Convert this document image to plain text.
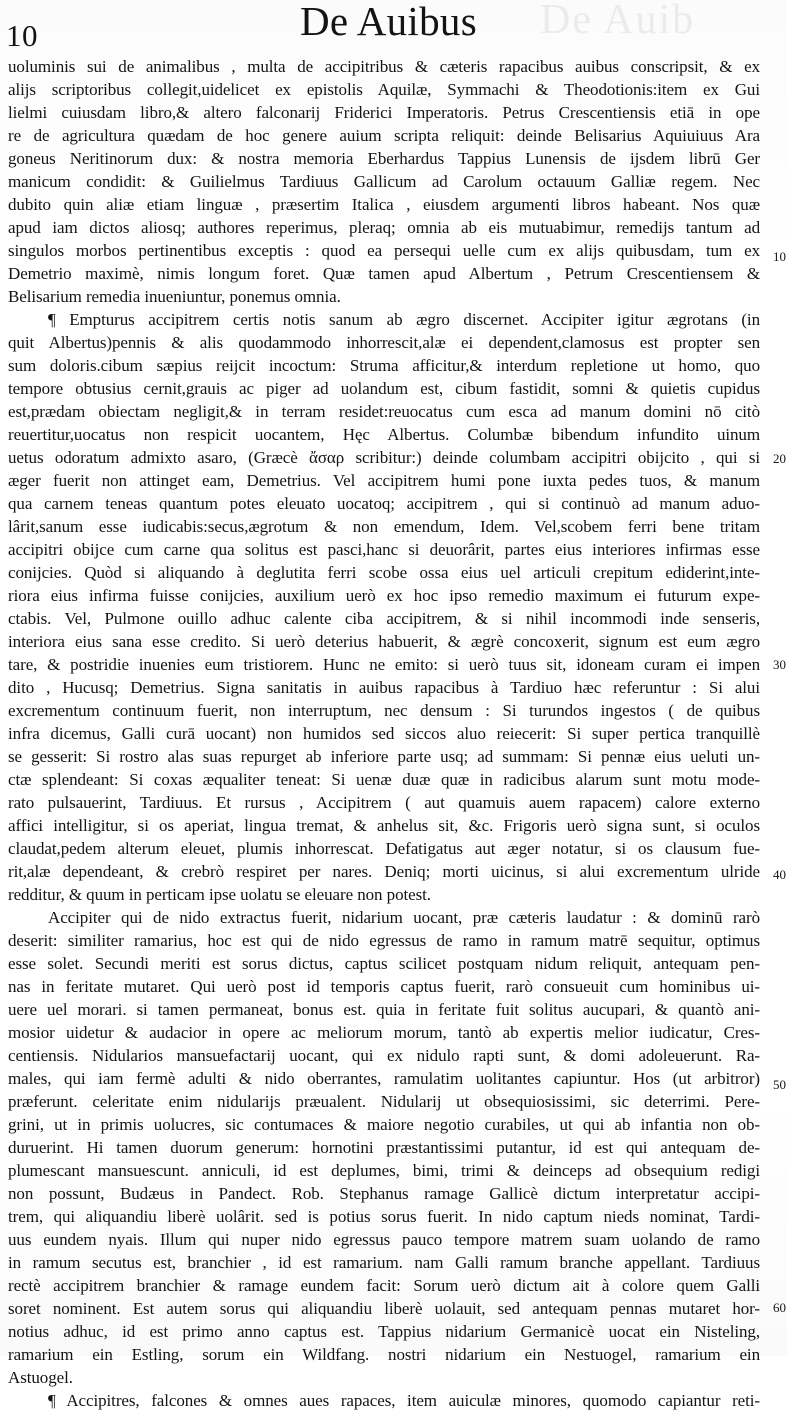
De Auib
10	De Auibus
uoluminis sui de animalibus , multa de accipitribus & cæteris rapacibus auibus conscripsit, & ex
alijs scriptoribus collegit,uidelicet ex epistolis Aquilæ, Symmachi & Theodotionis:item ex Gui
lielmi cuiusdam libro,& altero falconarij Friderici Imperatoris. Petrus Crescentiensis etiā in ope
re de agricultura quædam de hoc genere auium scripta reliquit: deinde Belisarius Aquiuiuus Ara
goneus Neritinorum dux: & nostra memoria Eberhardus Tappius Lunensis de ijsdem librū Ger
manicum condidit: & Guilielmus Tardiuus Gallicum ad Carolum octauum Galliæ regem. Nec
dubito quin aliæ etiam linguæ , præsertim Italica , eiusdem argumenti libros habeant. Nos quæ
apud iam dictos aliosq; authores reperimus, pleraq; omnia ab eis mutuabimur, remedijs tantum ad
singulos morbos pertinentibus exceptis : quod ea persequi uelle cum ex alijs quibusdam, tum ex
Demetrio maximè, nimis longum foret. Quæ tamen apud Albertum , Petrum Crescentiensem &
Belisarium remedia inueniuntur, ponemus omnia.
¶ Empturus accipitrem certis notis sanum ab ægro discernet. Accipiter igitur ægrotans (in
quit Albertus)pennis & alis quodammodo inhorrescit,alæ ei dependent,clamosus est propter sen
sum doloris.cibum sæpius reijcit incoctum: Struma afficitur,& interdum repletione ut homo, quo
tempore obtusius cernit,grauis ac piger ad uolandum est, cibum fastidit, somni & quietis cupidus
est,prædam obiectam negligit,& in terram residet:reuocatus cum esca ad manum domini nō citò
reuertitur,uocatus non respicit uocantem, Hęc Albertus. Columbæ bibendum infundito uinum
uetus odoratum admixto asaro, (Græcè ἄσαρ scribitur:) deinde columbam accipitri obijcito , qui si
æger fuerit non attinget eam, Demetrius. Vel accipitrem humi pone iuxta pedes tuos, & manum
qua carnem teneas quantum potes eleuato uocatoq; accipitrem , qui si continuò ad manum aduo-
lârit,sanum esse iudicabis:secus,ægrotum & non emendum, Idem. Vel,scobem ferri bene tritam
accipitri obijce cum carne qua solitus est pasci,hanc si deuorârit, partes eius interiores infirmas esse
conijcies. Quòd si aliquando à deglutita ferri scobe ossa eius uel articuli crepitum ediderint,inte-
riora eius infirma fuisse conijcies, auxilium uerò ex hoc ipso remedio maximum ei futurum expe-
ctabis. Vel, Pulmone ouillo adhuc calente ciba accipitrem, & si nihil incommodi inde senseris,
interiora eius sana esse credito. Si uerò deterius habuerit, & ægrè concoxerit, signum est eum ægro
tare, & postridie inuenies eum tristiorem. Hunc ne emito: si uerò tuus sit, idoneam curam ei impen
dito , Hucusq; Demetrius. Signa sanitatis in auibus rapacibus à Tardiuo hæc referuntur : Si alui
excrementum continuum fuerit, non interruptum, nec densum : Si turundos ingestos ( de quibus
infra dicemus, Galli curā uocant) non humidos sed siccos aluo reiecerit: Si super pertica tranquillè
se gesserit: Si rostro alas suas repurget ab inferiore parte usq; ad summam: Si pennæ eius ueluti un-
ctæ splendeant: Si coxas æqualiter teneat: Si uenæ duæ quæ in radicibus alarum sunt motu mode-
rato pulsauerint, Tardiuus. Et rursus , Accipitrem ( aut quamuis auem rapacem) calore externo
affici intelligitur, si os aperiat, lingua tremat, & anhelus sit, &c. Frigoris uerò signa sunt, si oculos
claudat,pedem alterum eleuet, plumis inhorrescat. Defatigatus aut æger notatur, si os clausum fue-
rit,alæ dependeant, & crebrò respiret per nares. Deniq; morti uicinus, si alui excrementum ulride
redditur, & quum in perticam ipse uolatu se eleuare non potest.
Accipiter qui de nido extractus fuerit, nidarium uocant, præ cæteris laudatur : & dominū rarò
deserit: similiter ramarius, hoc est qui de nido egressus de ramo in ramum matrē sequitur, optimus
esse solet. Secundi meriti est sorus dictus, captus scilicet postquam nidum reliquit, antequam pen-
nas in feritate mutaret. Qui uerò post id temporis captus fuerit, rarò consueuit cum hominibus ui-
uere uel morari. si tamen permaneat, bonus est. quia in feritate fuit solitus aucupari, & quantò ani-
mosior uidetur & audacior in opere ac meliorum morum, tantò ab expertis melior iudicatur, Cres-
centiensis. Nidularios mansuefactarij uocant, qui ex nidulo rapti sunt, & domi adoleuerunt. Ra-
males, qui iam fermè adulti & nido oberrantes, ramulatim uolitantes capiuntur. Hos (ut arbitror)
præferunt. celeritate enim nidularijs præualent. Nidularij ut obsequiosissimi, sic deterrimi. Pere-
grini, ut in primis uolucres, sic contumaces & maiore negotio curabiles, ut qui ab infantia non ob-
duruerint. Hi tamen duorum generum: hornotini præstantissimi putantur, id est qui antequam de-
plumescant mansuescunt. anniculi, id est deplumes, bimi, trimi & deinceps ad obsequium redigi
non possunt, Budæus in Pandect. Rob. Stephanus ramage Gallicè dictum interpretatur accipi-
trem, qui aliquandiu liberè uolârit. sed is potius sorus fuerit. In nido captum nieds nominat, Tardi-
uus eundem nyais. Illum qui nuper nido egressus pauco tempore matrem suam uolando de ramo
in ramum secutus est, branchier , id est ramarium. nam Galli ramum branche appellant. Tardiuus
rectè accipitrem branchier & ramage eundem facit: Sorum uerò dictum ait à colore quem Galli
soret nominent. Est autem sorus qui aliquandiu liberè uolauit, sed antequam pennas mutaret hor-
notius adhuc, id est primo anno captus est. Tappius nidarium Germanicè uocat ein Nisteling,
ramarium ein Estling, sorum ein Wildfang. nostri nidarium ein Nestuogel, ramarium ein
Astuogel.
¶ Accipitres, falcones & omnes aues rapaces, item auiculæ minores, quomodo capiantur reti-
10
20
30
40
50
60
